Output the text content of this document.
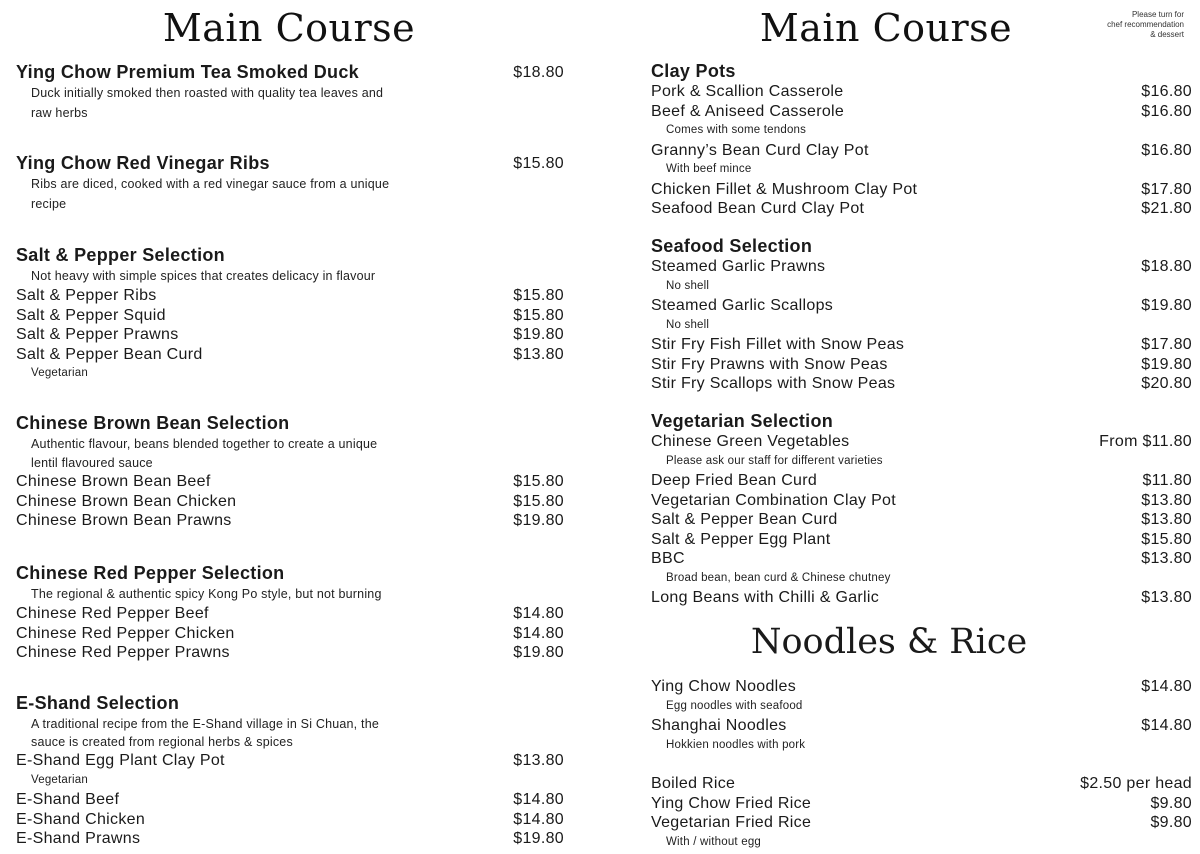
Main Course
Ying Chow Premium Tea Smoked Duck	$18.80
Duck initially smoked then roasted with quality tea leaves and
raw herbs
Ying Chow Red Vinegar Ribs	$15.80
Ribs are diced, cooked with a red vinegar sauce from a unique
recipe
Salt & Pepper Selection
Not heavy with simple spices that creates delicacy in flavour
Salt & Pepper Ribs	$15.80
Salt & Pepper Squid	$15.80
Salt & Pepper Prawns	$19.80
Salt & Pepper Bean Curd	$13.80
Vegetarian
Chinese Brown Bean Selection
Authentic flavour, beans blended together to create a unique
lentil flavoured sauce
Chinese Brown Bean Beef	$15.80
Chinese Brown Bean Chicken	$15.80
Chinese Brown Bean Prawns	$19.80
Chinese Red Pepper Selection
The regional & authentic spicy Kong Po style, but not burning
Chinese Red Pepper Beef	$14.80
Chinese Red Pepper Chicken	$14.80
Chinese Red Pepper Prawns	$19.80
E-Shand Selection
A traditional recipe from the E-Shand village in Si Chuan, the
sauce is created from regional herbs & spices
E-Shand Egg Plant Clay Pot	$13.80
Vegetarian
E-Shand Beef	$14.80
E-Shand Chicken	$14.80
E-Shand Prawns	$19.80
Main Course	Please turn for
chef recommendation
& dessert
Clay Pots
Pork & Scallion Casserole	$16.80
Beef & Aniseed Casserole	$16.80
Comes with some tendons
Granny’s Bean Curd Clay Pot	$16.80
With beef mince
Chicken Fillet & Mushroom Clay Pot	$17.80
Seafood Bean Curd Clay Pot	$21.80
Seafood Selection
Steamed Garlic Prawns	$18.80
No shell
Steamed Garlic Scallops	$19.80
No shell
Stir Fry Fish Fillet with Snow Peas	$17.80
Stir Fry Prawns with Snow Peas	$19.80
Stir Fry Scallops with Snow Peas	$20.80
Vegetarian Selection
Chinese Green Vegetables	From $11.80
Please ask our staff for different varieties
Deep Fried Bean Curd	$11.80
Vegetarian Combination Clay Pot	$13.80
Salt & Pepper Bean Curd	$13.80
Salt & Pepper Egg Plant	$15.80
BBC	$13.80
Broad bean, bean curd & Chinese chutney
Long Beans with Chilli & Garlic	$13.80
Noodles & Rice
Ying Chow Noodles	$14.80
Egg noodles with seafood
Shanghai Noodles	$14.80
Hokkien noodles with pork
Boiled Rice	$2.50 per head
Ying Chow Fried Rice	$9.80
Vegetarian Fried Rice	$9.80
With / without egg
